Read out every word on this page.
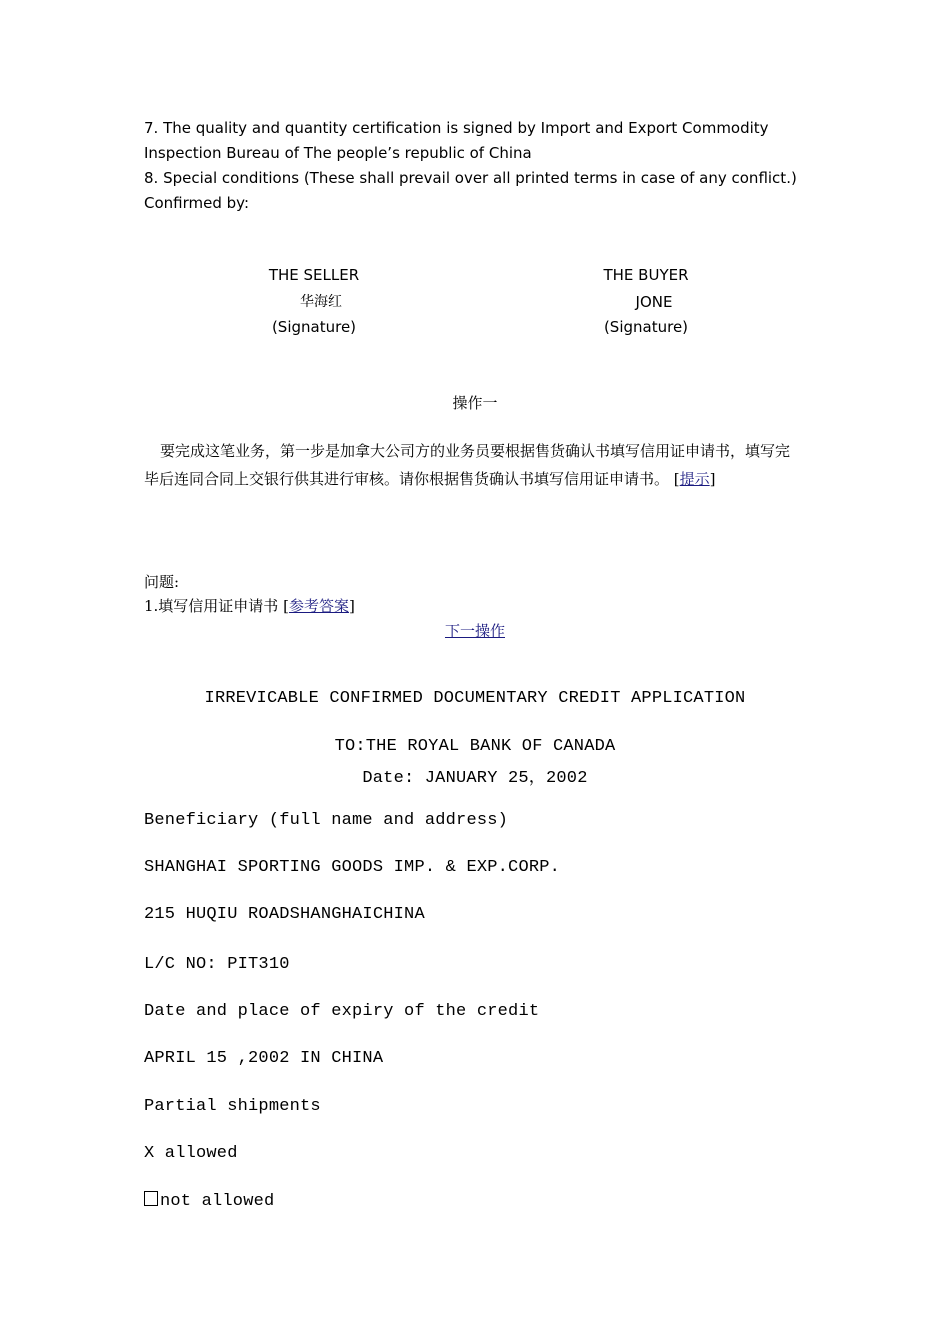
7. The quality and quantity certification is signed by Import and Export Commodity Inspection Bureau of The people’s republic of China

8. Special conditions (These shall prevail over all printed terms in case of any conflict.)

Confirmed by:

THE SELLER
华海红
(Signature)
THE BUYER
JONE
(Signature)
操作一
要完成这笔业务，第一步是加拿大公司方的业务员要根据售货确认书填写信用证申请书，填写完毕后连同合同上交银行供其进行审核。请你根据售货确认书填写信用证申请书。 [提示]
问题:
1.填写信用证申请书 [参考答案]
下一操作
IRREVICABLE CONFIRMED DOCUMENTARY CREDIT APPLICATION
TO:THE ROYAL BANK OF CANADA
Date: JANUARY 25，2002
Beneficiary (full name and address)
SHANGHAI SPORTING GOODS IMP. & EXP.CORP.
215 HUQIU ROADSHANGHAICHINA
L/C NO: PIT310
Date and place of expiry of the credit
APRIL 15 ,2002 IN CHINA
Partial shipments
X allowed
not allowed
